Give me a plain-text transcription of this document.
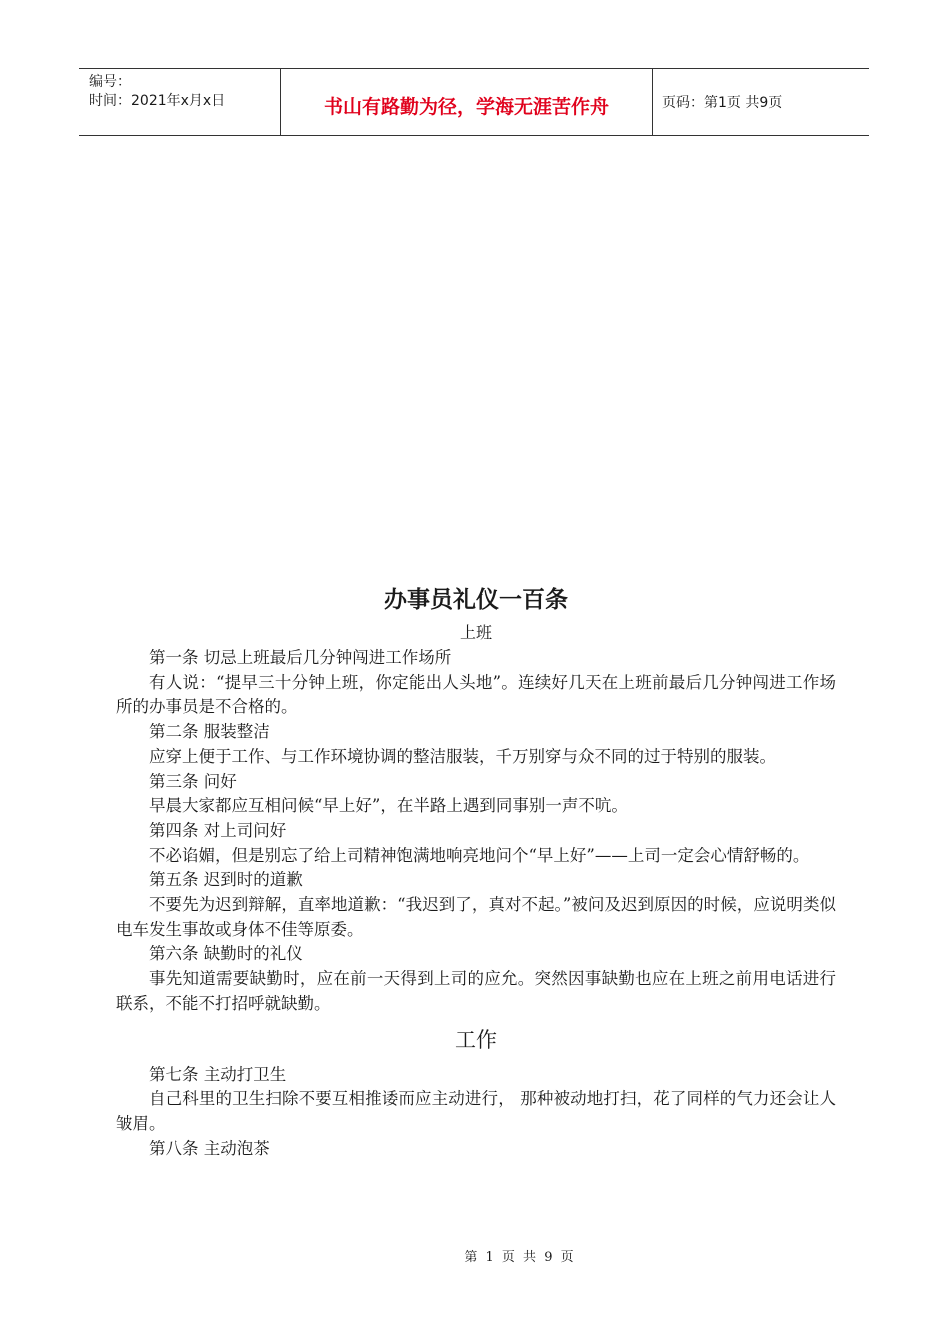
编号：
时间：2021年x月x日	书山有路勤为径，学海无涯苦作舟	页码：第1页 共9页
办事员礼仪一百条
上班

第一条 切忌上班最后几分钟闯进工作场所

有人说：“提早三十分钟上班，你定能出人头地”。连续好几天在上班前最后几分钟闯进工作场所的办事员是不合格的。

第二条 服装整洁

应穿上便于工作、与工作环境协调的整洁服装，千万别穿与众不同的过于特别的服装。

第三条 问好

早晨大家都应互相问候“早上好”，在半路上遇到同事别一声不吭。

第四条 对上司问好

不必谄媚，但是别忘了给上司精神饱满地响亮地问个“早上好”——上司一定会心情舒畅的。

第五条 迟到时的道歉

不要先为迟到辩解，直率地道歉：“我迟到了，真对不起。”被问及迟到原因的时候，应说明类似电车发生事故或身体不佳等原委。

第六条 缺勤时的礼仪

事先知道需要缺勤时，应在前一天得到上司的应允。突然因事缺勤也应在上班之前用电话进行联系，不能不打招呼就缺勤。

工作

第七条 主动打卫生

自己科里的卫生扫除不要互相推诿而应主动进行， 那种被动地打扫，花了同样的气力还会让人皱眉。

第八条 主动泡茶

第 1 页 共 9 页
